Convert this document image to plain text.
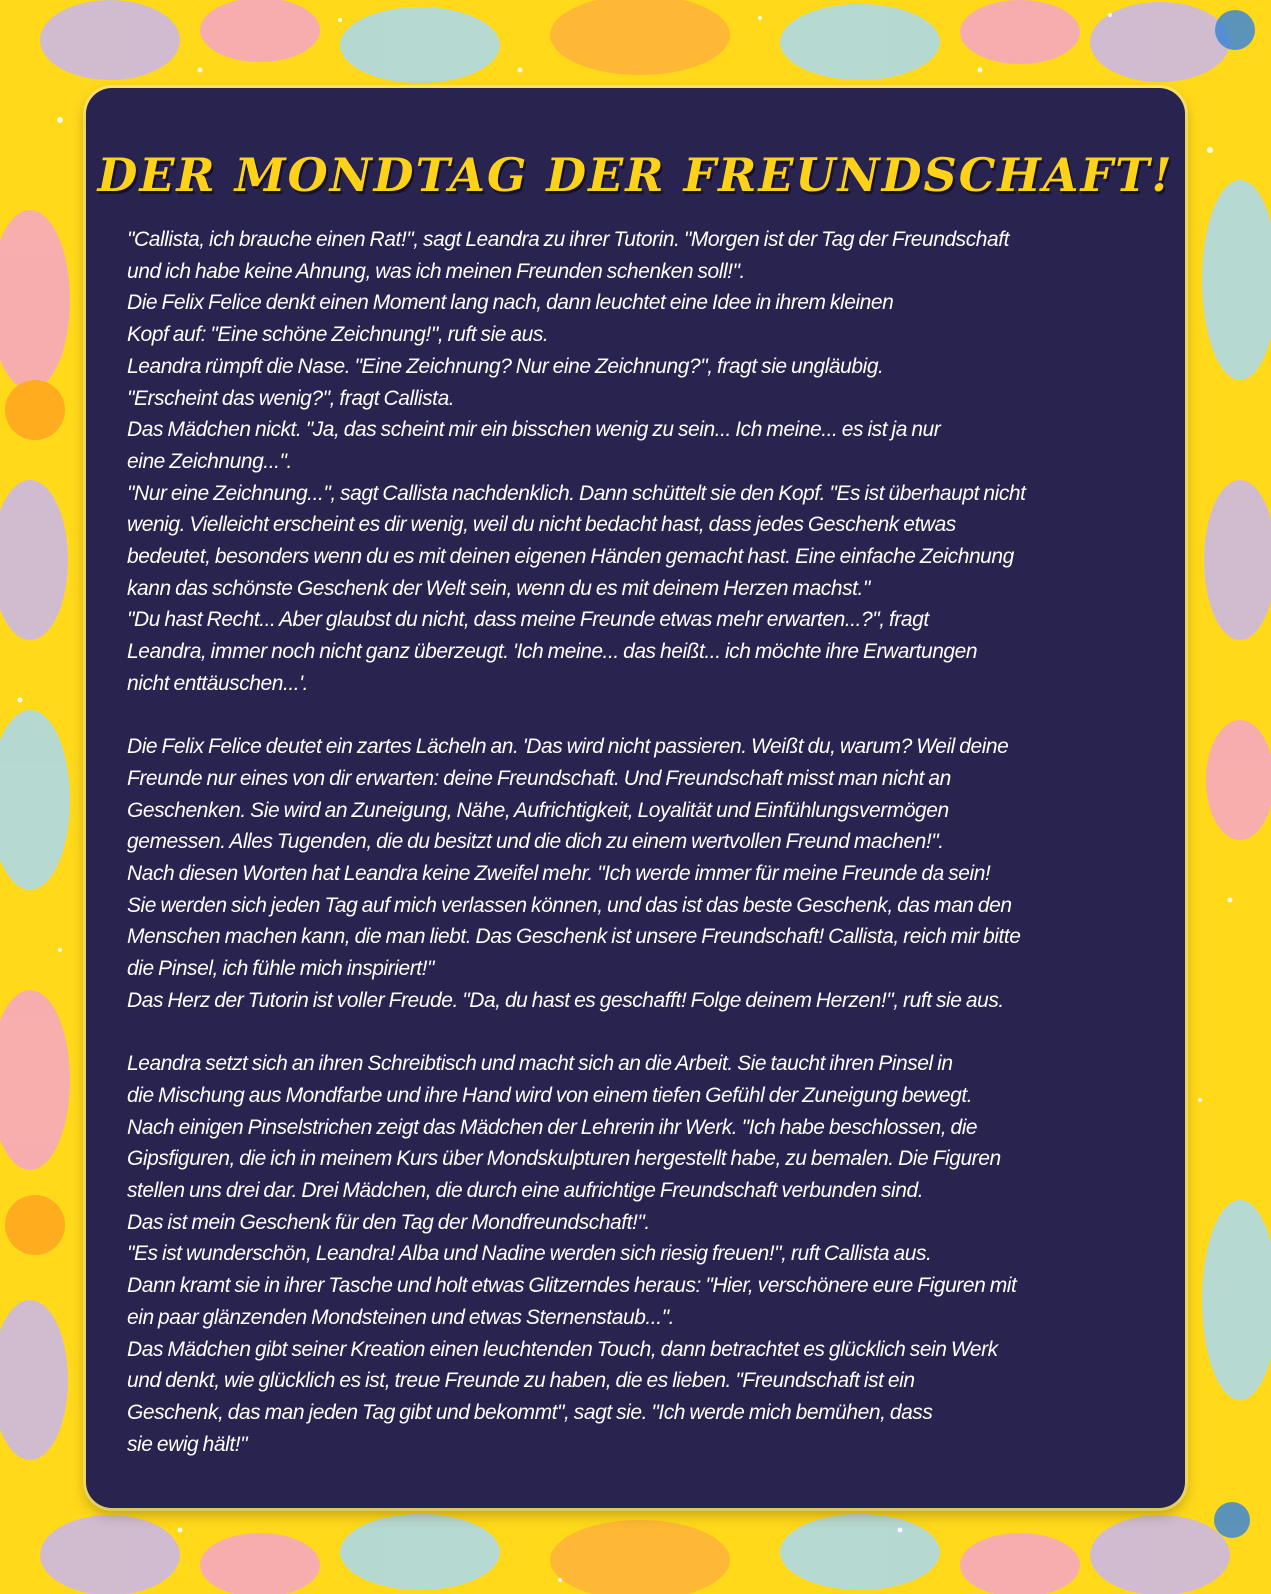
DER MONDTAG DER FREUNDSCHAFT!

"Callista, ich brauche einen Rat!", sagt Leandra zu ihrer Tutorin. "Morgen ist der Tag der Freundschaft

und ich habe keine Ahnung, was ich meinen Freunden schenken soll!".

Die Felix Felice denkt einen Moment lang nach, dann leuchtet eine Idee in ihrem kleinen

Kopf auf: "Eine schöne Zeichnung!", ruft sie aus.

Leandra rümpft die Nase. "Eine Zeichnung? Nur eine Zeichnung?", fragt sie ungläubig.

"Erscheint das wenig?", fragt Callista.

Das Mädchen nickt. "Ja, das scheint mir ein bisschen wenig zu sein... Ich meine... es ist ja nur

eine Zeichnung...".

"Nur eine Zeichnung...", sagt Callista nachdenklich. Dann schüttelt sie den Kopf. "Es ist überhaupt nicht

wenig. Vielleicht erscheint es dir wenig, weil du nicht bedacht hast, dass jedes Geschenk etwas

bedeutet, besonders wenn du es mit deinen eigenen Händen gemacht hast. Eine einfache Zeichnung

kann das schönste Geschenk der Welt sein, wenn du es mit deinem Herzen machst."

"Du hast Recht... Aber glaubst du nicht, dass meine Freunde etwas mehr erwarten...?", fragt

Leandra, immer noch nicht ganz überzeugt. 'Ich meine... das heißt... ich möchte ihre Erwartungen

nicht enttäuschen...'.

Die Felix Felice deutet ein zartes Lächeln an. 'Das wird nicht passieren. Weißt du, warum? Weil deine

Freunde nur eines von dir erwarten: deine Freundschaft. Und Freundschaft misst man nicht an

Geschenken. Sie wird an Zuneigung, Nähe, Aufrichtigkeit, Loyalität und Einfühlungsvermögen

gemessen. Alles Tugenden, die du besitzt und die dich zu einem wertvollen Freund machen!".

Nach diesen Worten hat Leandra keine Zweifel mehr. "Ich werde immer für meine Freunde da sein!

Sie werden sich jeden Tag auf mich verlassen können, und das ist das beste Geschenk, das man den

Menschen machen kann, die man liebt. Das Geschenk ist unsere Freundschaft! Callista, reich mir bitte

die Pinsel, ich fühle mich inspiriert!"

Das Herz der Tutorin ist voller Freude. "Da, du hast es geschafft! Folge deinem Herzen!", ruft sie aus.

Leandra setzt sich an ihren Schreibtisch und macht sich an die Arbeit. Sie taucht ihren Pinsel in

die Mischung aus Mondfarbe und ihre Hand wird von einem tiefen Gefühl der Zuneigung bewegt.

Nach einigen Pinselstrichen zeigt das Mädchen der Lehrerin ihr Werk. "Ich habe beschlossen, die

Gipsfiguren, die ich in meinem Kurs über Mondskulpturen hergestellt habe, zu bemalen. Die Figuren

stellen uns drei dar. Drei Mädchen, die durch eine aufrichtige Freundschaft verbunden sind.

Das ist mein Geschenk für den Tag der Mondfreundschaft!".

"Es ist wunderschön, Leandra! Alba und Nadine werden sich riesig freuen!", ruft Callista aus.

Dann kramt sie in ihrer Tasche und holt etwas Glitzerndes heraus: "Hier, verschönere eure Figuren mit

ein paar glänzenden Mondsteinen und etwas Sternenstaub...".

Das Mädchen gibt seiner Kreation einen leuchtenden Touch, dann betrachtet es glücklich sein Werk

und denkt, wie glücklich es ist, treue Freunde zu haben, die es lieben. "Freundschaft ist ein

Geschenk, das man jeden Tag gibt und bekommt", sagt sie. "Ich werde mich bemühen, dass

sie ewig hält!"
